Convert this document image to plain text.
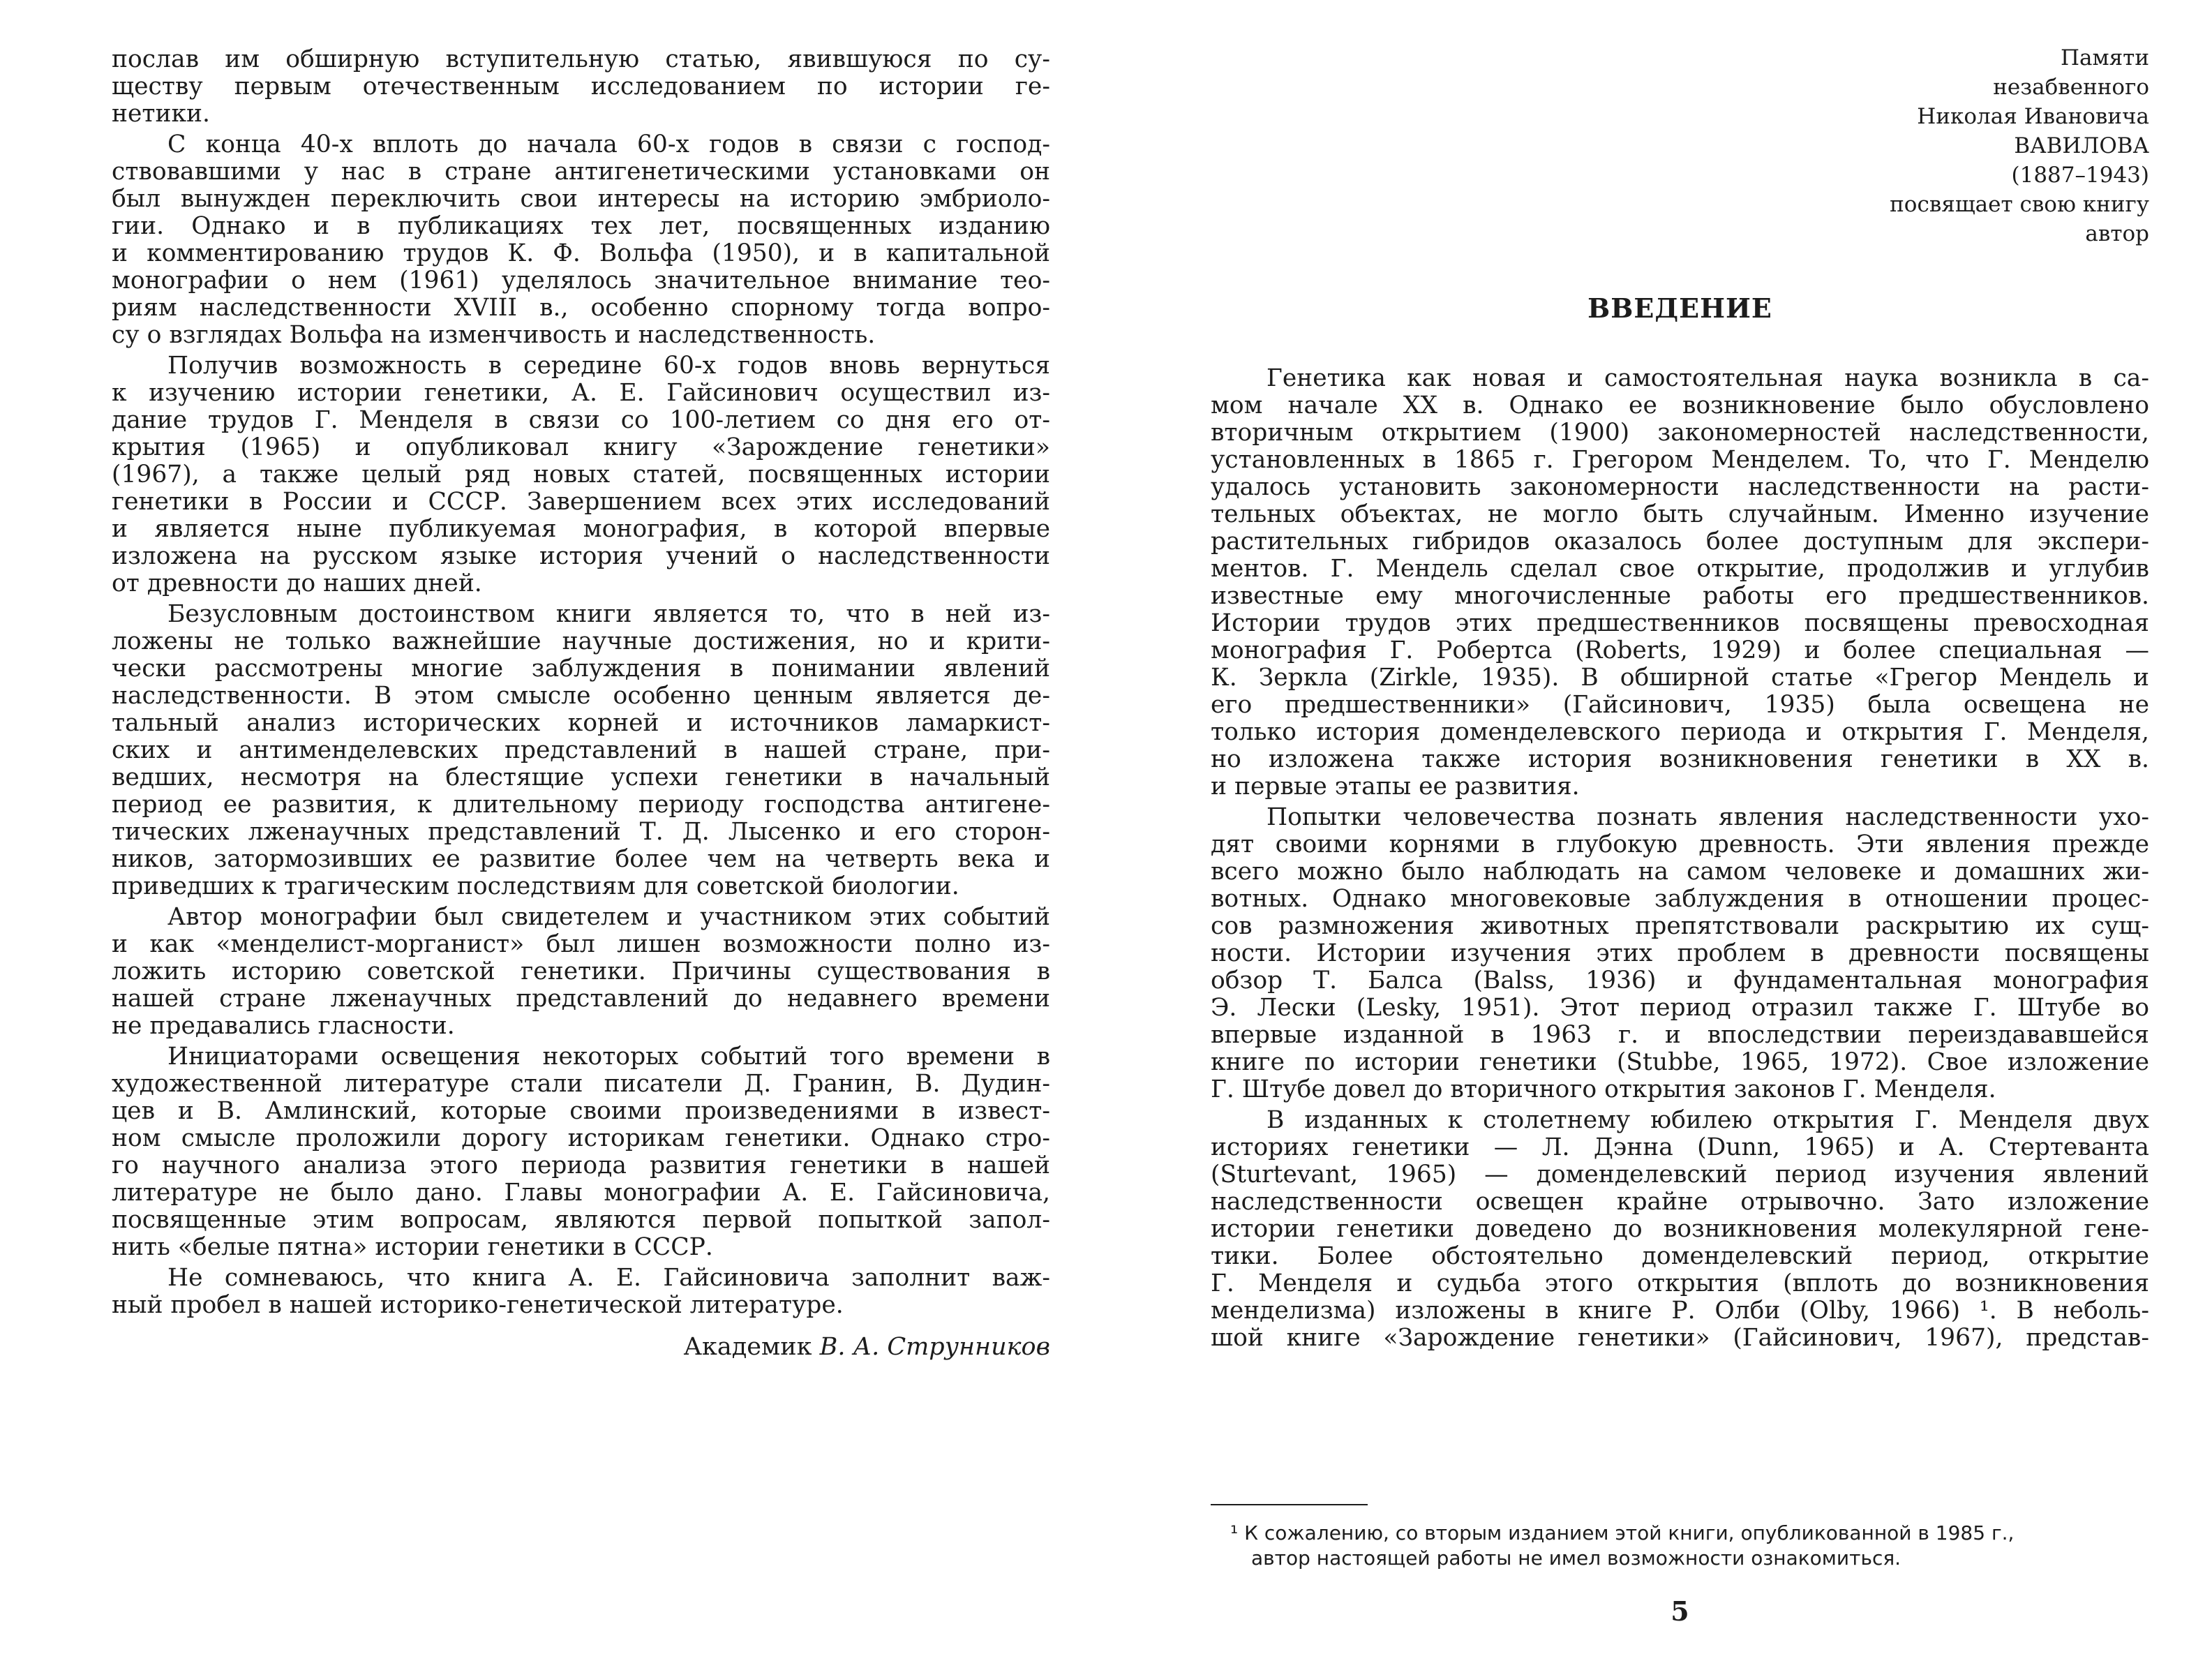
послав им обширную вступительную статью, явившуюся по су-
ществу первым отечественным исследованием по истории ге-
нетики.
С конца 40-х вплоть до начала 60-х годов в связи с господ-
ствовавшими у нас в стране антигенетическими установками он
был вынужден переключить свои интересы на историю эмбриоло-
гии. Однако и в публикациях тех лет, посвященных изданию
и комментированию трудов К. Ф. Вольфа (1950), и в капитальной
монографии о нем (1961) уделялось значительное внимание тео-
риям наследственности XVIII в., особенно спорному тогда вопро-
су о взглядах Вольфа на изменчивость и наследственность.
Получив возможность в середине 60-х годов вновь вернуться
к изучению истории генетики, А. Е. Гайсинович осуществил из-
дание трудов Г. Менделя в связи со 100-летием со дня его от-
крытия (1965) и опубликовал книгу «Зарождение генетики»
(1967), а также целый ряд новых статей, посвященных истории
генетики в России и СССР. Завершением всех этих исследований
и является ныне публикуемая монография, в которой впервые
изложена на русском языке история учений о наследственности
от древности до наших дней.
Безусловным достоинством книги является то, что в ней из-
ложены не только важнейшие научные достижения, но и крити-
чески рассмотрены многие заблуждения в понимании явлений
наследственности. В этом смысле особенно ценным является де-
тальный анализ исторических корней и источников ламаркист-
ских и антименделевских представлений в нашей стране, при-
ведших, несмотря на блестящие успехи генетики в начальный
период ее развития, к длительному периоду господства антигене-
тических лженаучных представлений Т. Д. Лысенко и его сторон-
ников, затормозивших ее развитие более чем на четверть века и
приведших к трагическим последствиям для советской биологии.
Автор монографии был свидетелем и участником этих событий
и как «менделист-морганист» был лишен возможности полно из-
ложить историю советской генетики. Причины существования в
нашей стране лженаучных представлений до недавнего времени
не предавались гласности.
Инициаторами освещения некоторых событий того времени в
художественной литературе стали писатели Д. Гранин, В. Дудин-
цев и В. Амлинский, которые своими произведениями в извест-
ном смысле проложили дорогу историкам генетики. Однако стро-
го научного анализа этого периода развития генетики в нашей
литературе не было дано. Главы монографии А. Е. Гайсиновича,
посвященные этим вопросам, являются первой попыткой запол-
нить «белые пятна» истории генетики в СССР.
Не сомневаюсь, что книга А. Е. Гайсиновича заполнит важ-
ный пробел в нашей историко-генетической литературе.
Академик В. А. Струнников
Памяти
незабвенного
Николая Ивановича
ВАВИЛОВА
(1887–1943)
посвящает свою книгу
автор
ВВЕДЕНИЕ
Генетика как новая и самостоятельная наука возникла в са-
мом начале XX в. Однако ее возникновение было обусловлено
вторичным открытием (1900) закономерностей наследственности,
установленных в 1865 г. Грегором Менделем. То, что Г. Менделю
удалось установить закономерности наследственности на расти-
тельных объектах, не могло быть случайным. Именно изучение
растительных гибридов оказалось более доступным для экспери-
ментов. Г. Мендель сделал свое открытие, продолжив и углубив
известные ему многочисленные работы его предшественников.
Истории трудов этих предшественников посвящены превосходная
монография Г. Робертса (Roberts, 1929) и более специальная —
К. Зеркла (Zirkle, 1935). В обширной статье «Грегор Мендель и
его предшественники» (Гайсинович, 1935) была освещена не
только история доменделевского периода и открытия Г. Менделя,
но изложена также история возникновения генетики в XX в.
и первые этапы ее развития.
Попытки человечества познать явления наследственности ухо-
дят своими корнями в глубокую древность. Эти явления прежде
всего можно было наблюдать на самом человеке и домашних жи-
вотных. Однако многовековые заблуждения в отношении процес-
сов размножения животных препятствовали раскрытию их сущ-
ности. Истории изучения этих проблем в древности посвящены
обзор Т. Балса (Balss, 1936) и фундаментальная монография
Э. Лески (Lesky, 1951). Этот период отразил также Г. Штубе во
впервые изданной в 1963 г. и впоследствии переиздававшейся
книге по истории генетики (Stubbe, 1965, 1972). Свое изложение
Г. Штубе довел до вторичного открытия законов Г. Менделя.
В изданных к столетнему юбилею открытия Г. Менделя двух
историях генетики — Л. Дэнна (Dunn, 1965) и А. Стертеванта
(Sturtevant, 1965) — доменделевский период изучения явлений
наследственности освещен крайне отрывочно. Зато изложение
истории генетики доведено до возникновения молекулярной гене-
тики. Более обстоятельно доменделевский период, открытие
Г. Менделя и судьба этого открытия (вплоть до возникновения
менделизма) изложены в книге Р. Олби (Olby, 1966) ¹. В неболь-
шой книге «Зарождение генетики» (Гайсинович, 1967), представ-
¹ К сожалению, со вторым изданием этой книги, опубликованной в 1985 г.,
автор настоящей работы не имел возможности ознакомиться.
5
